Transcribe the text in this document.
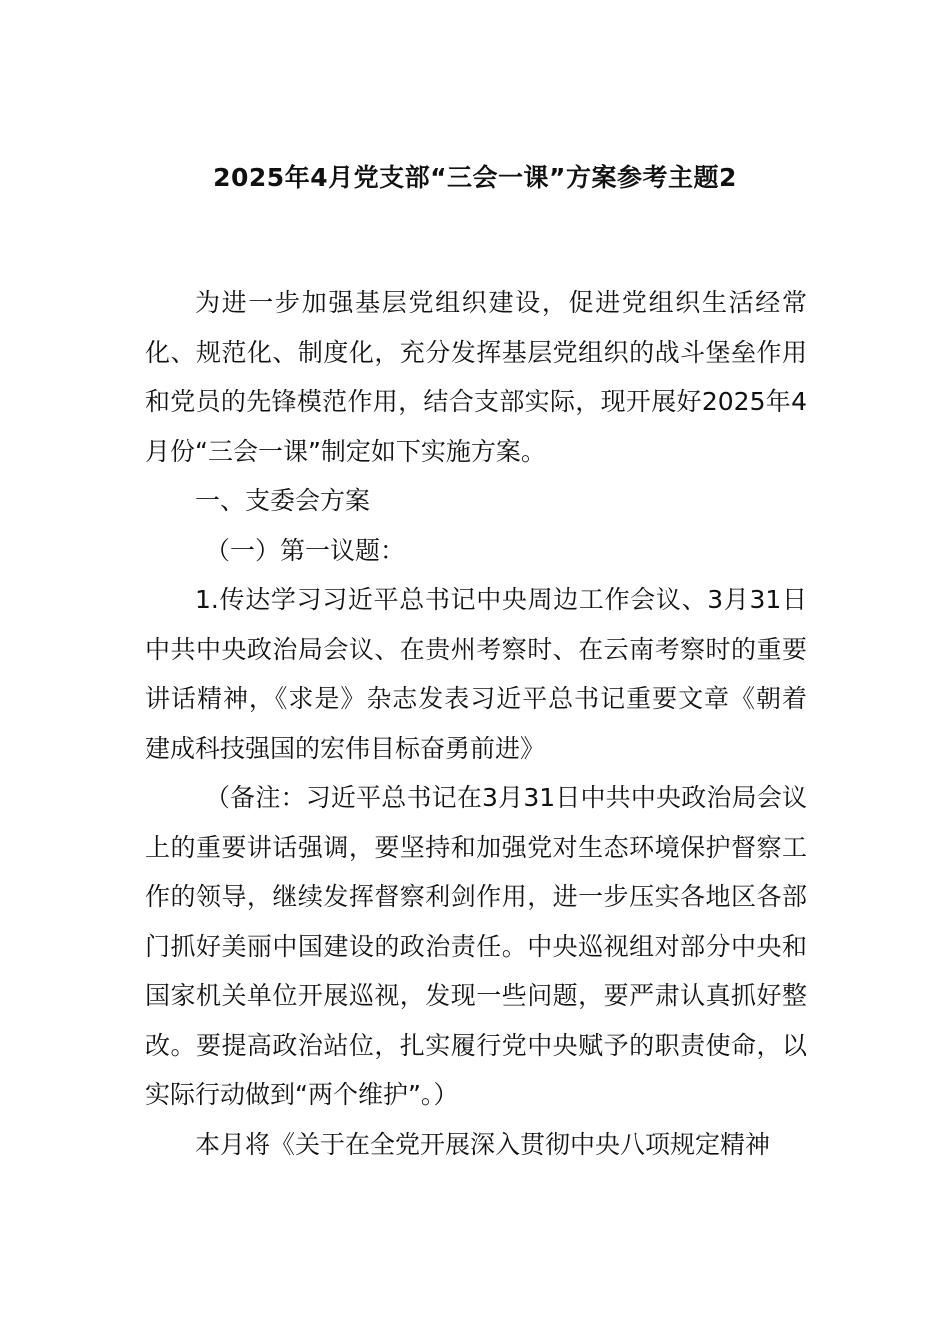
2025年4月党支部“三会一课”方案参考主题2

为进一步加强基层党组织建设，促进党组织生活经常化、规范化、制度化，充分发挥基层党组织的战斗堡垒作用和党员的先锋模范作用，结合支部实际，现开展好2025年4月份“三会一课”制定如下实施方案。

一、支委会方案

（一）第一议题：

1.传达学习习近平总书记中央周边工作会议、3月31日中共中央政治局会议、在贵州考察时、在云南考察时的重要讲话精神，《求是》杂志发表习近平总书记重要文章《朝着建成科技强国的宏伟目标奋勇前进》

（备注：习近平总书记在3月31日中共中央政治局会议上的重要讲话强调，要坚持和加强党对生态环境保护督察工作的领导，继续发挥督察利剑作用，进一步压实各地区各部门抓好美丽中国建设的政治责任。中央巡视组对部分中央和国家机关单位开展巡视，发现一些问题，要严肃认真抓好整改。要提高政治站位，扎实履行党中央赋予的职责使命，以实际行动做到“两个维护”。）

本月将《关于在全党开展深入贯彻中央八项规定精神
